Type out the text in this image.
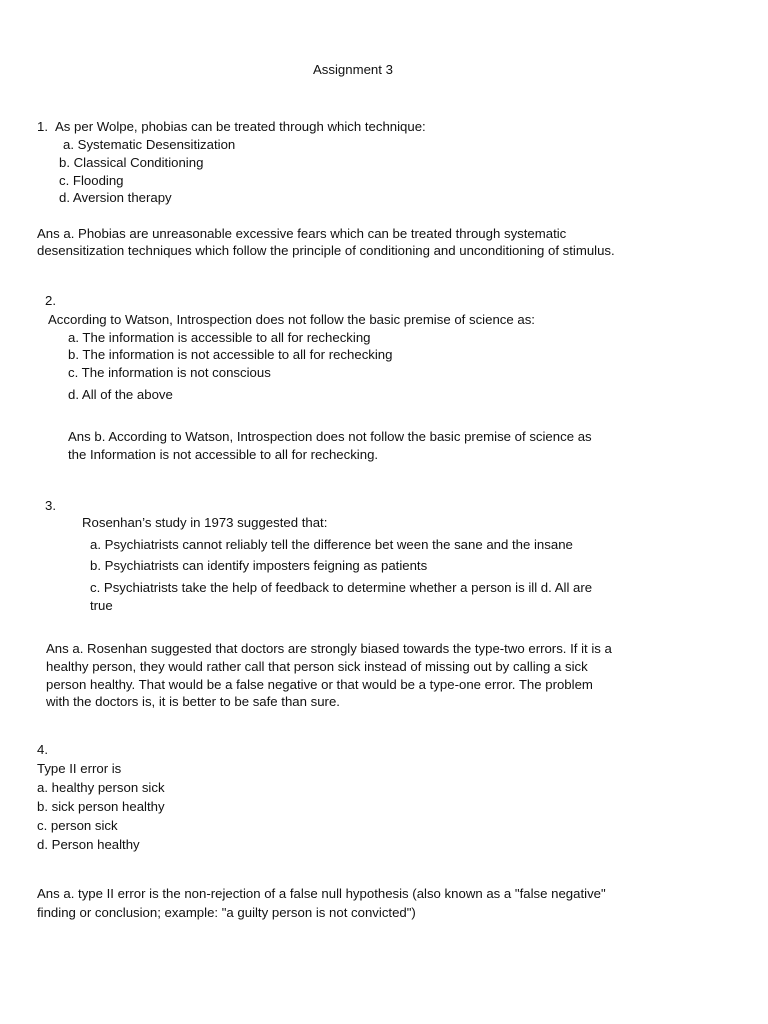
Assignment 3

1. As per Wolpe, phobias can be treated through which technique:

a. Systematic Desensitization

b. Classical Conditioning

c. Flooding

d. Aversion therapy

Ans a. Phobias are unreasonable excessive fears which can be treated through systematic

desensitization techniques which follow the principle of conditioning and unconditioning of stimulus.

2.

According to Watson, Introspection does not follow the basic premise of science as:

a. The information is accessible to all for rechecking

b. The information is not accessible to all for rechecking

c. The information is not conscious

d. All of the above

Ans b. According to Watson, Introspection does not follow the basic premise of science as

the Information is not accessible to all for rechecking.

3.

Rosenhan’s study in 1973 suggested that:

a. Psychiatrists cannot reliably tell the difference bet ween the sane and the insane

b. Psychiatrists can identify imposters feigning as patients

c. Psychiatrists take the help of feedback to determine whether a person is ill d. All are

true

Ans a. Rosenhan suggested that doctors are strongly biased towards the type-two errors. If it is a

healthy person, they would rather call that person sick instead of missing out by calling a sick

person healthy. That would be a false negative or that would be a type-one error. The problem

with the doctors is, it is better to be safe than sure.

4.

Type II error is

a. healthy person sick

b. sick person healthy

c. person sick

d. Person healthy

Ans a. type II error is the non-rejection of a false null hypothesis (also known as a "false negative"

finding or conclusion; example: "a guilty person is not convicted")
